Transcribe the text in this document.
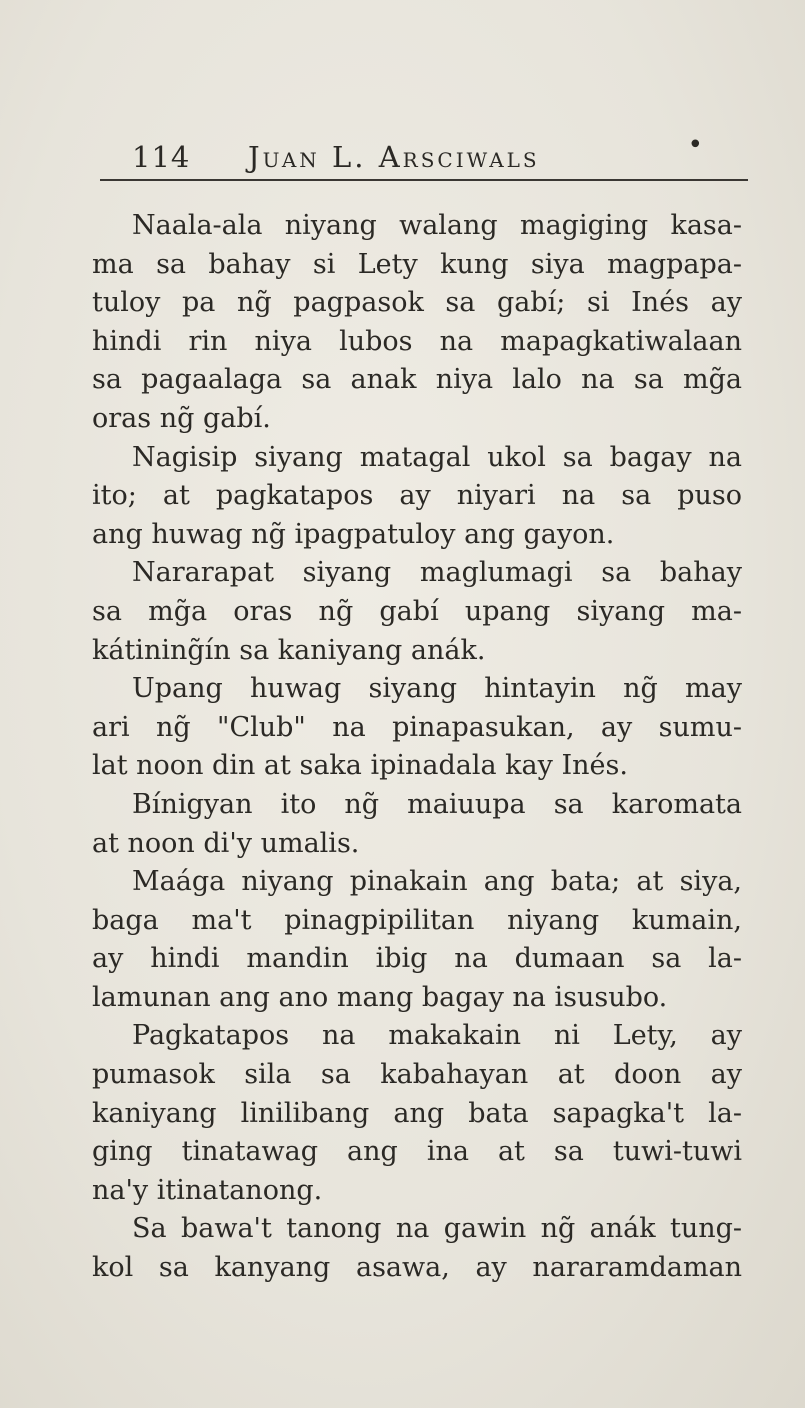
114 Juan L. Arsciwals	•
Naala-ala niyang walang magiging kasa-
ma sa bahay si Lety kung siya magpapa-
tuloy pa ng̃ pagpasok sa gabí; si Inés ay
hindi rin niya lubos na mapagkatiwalaan
sa pagaalaga sa anak niya lalo na sa mg̃a
oras ng̃ gabí.
Nagisip siyang matagal ukol sa bagay na
ito; at pagkatapos ay niyari na sa puso
ang huwag ng̃ ipagpatuloy ang gayon.
Nararapat siyang maglumagi sa bahay
sa mg̃a oras ng̃ gabí upang siyang ma-
kátining̃ín sa kaniyang anák.
Upang huwag siyang hintayin ng̃ may
ari ng̃ "Club" na pinapasukan, ay sumu-
lat noon din at saka ipinadala kay Inés.
Bínigyan ito ng̃ maiuupa sa karomata
at noon di'y umalis.
Maága niyang pinakain ang bata; at siya,
baga ma't pinagpipilitan niyang kumain,
ay hindi mandin ibig na dumaan sa la-
lamunan ang ano mang bagay na isusubo.
Pagkatapos na makakain ni Lety, ay
pumasok sila sa kabahayan at doon ay
kaniyang linilibang ang bata sapagka't la-
ging tinatawag ang ina at sa tuwi-tuwi
na'y itinatanong.
Sa bawa't tanong na gawin ng̃ anák tung-
kol sa kanyang asawa, ay nararamdaman
